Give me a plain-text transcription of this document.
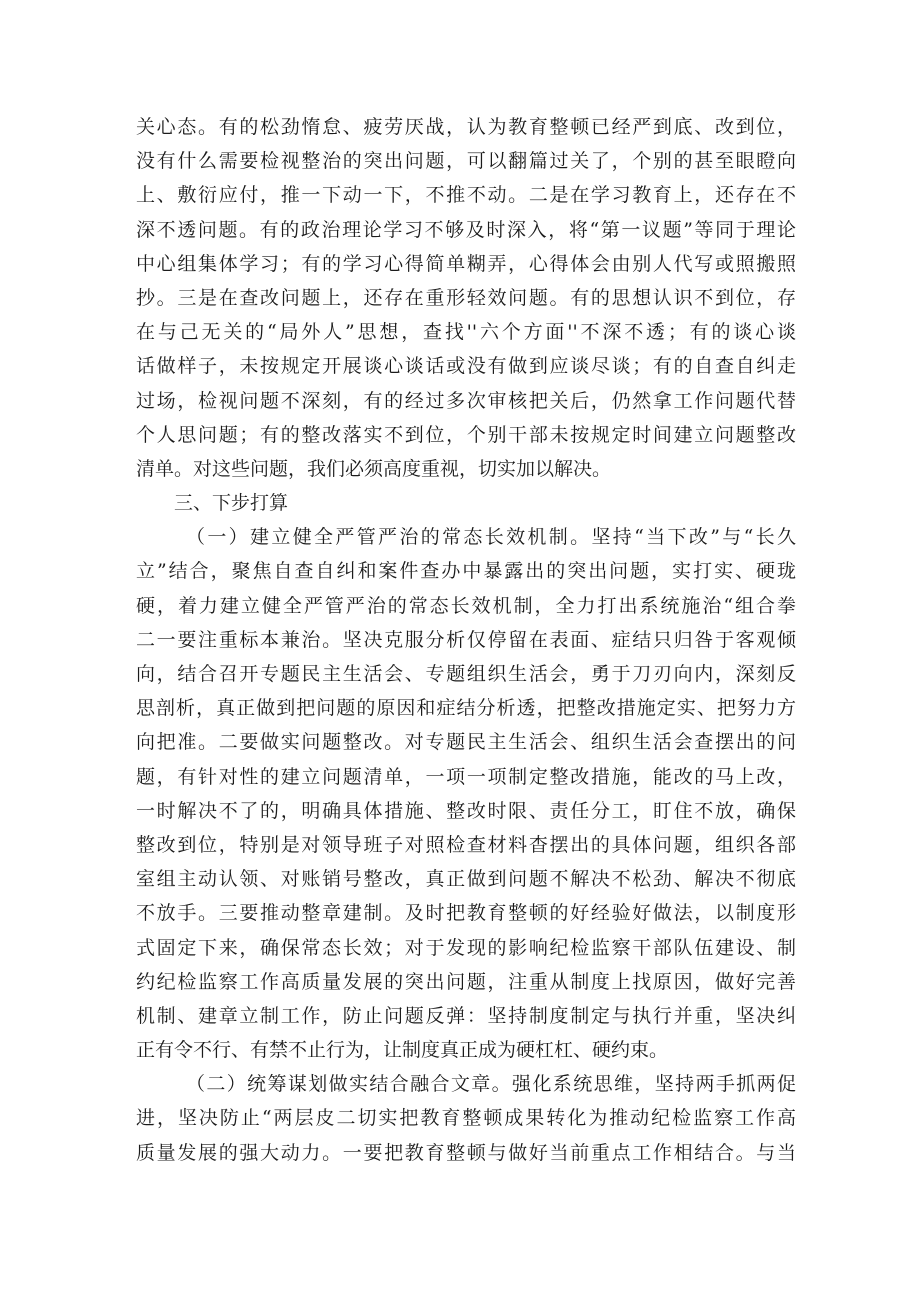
关心态。有的松劲惰怠、疲劳厌战，认为教育整顿已经严到底、改到位，
没有什么需要检视整治的突出问题，可以翻篇过关了，个别的甚至眼瞪向
上、敷衍应付，推一下动一下，不推不动。二是在学习教育上，还存在不
深不透问题。有的政治理论学习不够及时深入，将“第一议题”等同于理论
中心组集体学习；有的学习心得简单糊弄，心得体会由别人代写或照搬照
抄。三是在查改问题上，还存在重形轻效问题。有的思想认识不到位，存
在与己无关的“局外人”思想，查找''六个方面''不深不透；有的谈心谈
话做样子，未按规定开展谈心谈话或没有做到应谈尽谈；有的自查自纠走
过场，检视问题不深刻，有的经过多次审核把关后，仍然拿工作问题代替
个人思问题；有的整改落实不到位，个别干部未按规定时间建立问题整改
清单。对这些问题，我们必须高度重视，切实加以解决。
三、下步打算
（一）建立健全严管严治的常态长效机制。坚持“当下改”与“长久
立”结合，聚焦自查自纠和案件查办中暴露出的突出问题，实打实、硬珑
硬，着力建立健全严管严治的常态长效机制，全力打出系统施治“组合拳
二一要注重标本兼治。坚决克服分析仅停留在表面、症结只归咎于客观倾
向，结合召开专题民主生活会、专题组织生活会，勇于刀刃向内，深刻反
思剖析，真正做到把问题的原因和症结分析透，把整改措施定实、把努力方
向把准。二要做实问题整改。对专题民主生活会、组织生活会查摆出的问
题，有针对性的建立问题清单，一项一项制定整改措施，能改的马上改，
一时解决不了的，明确具体措施、整改时限、责任分工，盯住不放，确保
整改到位，特别是对领导班子对照检查材料杳摆出的具体问题，组织各部
室组主动认领、对账销号整改，真正做到问题不解决不松劲、解决不彻底
不放手。三要推动整章建制。及时把教育整顿的好经验好做法，以制度形
式固定下来，确保常态长效；对于发现的影响纪检监察干部队伍建设、制
约纪检监察工作高质量发展的突出问题，注重从制度上找原因，做好完善
机制、建章立制工作，防止问题反弹：坚持制度制定与执行并重，坚决纠
正有令不行、有禁不止行为，让制度真正成为硬杠杠、硬约束。
（二）统筹谋划做实结合融合文章。强化系统思维，坚持两手抓两促
进，坚决防止“两层皮二切实把教育整顿成果转化为推动纪检监察工作高
质量发展的强大动力。一要把教育整顿与做好当前重点工作相结合。与当
